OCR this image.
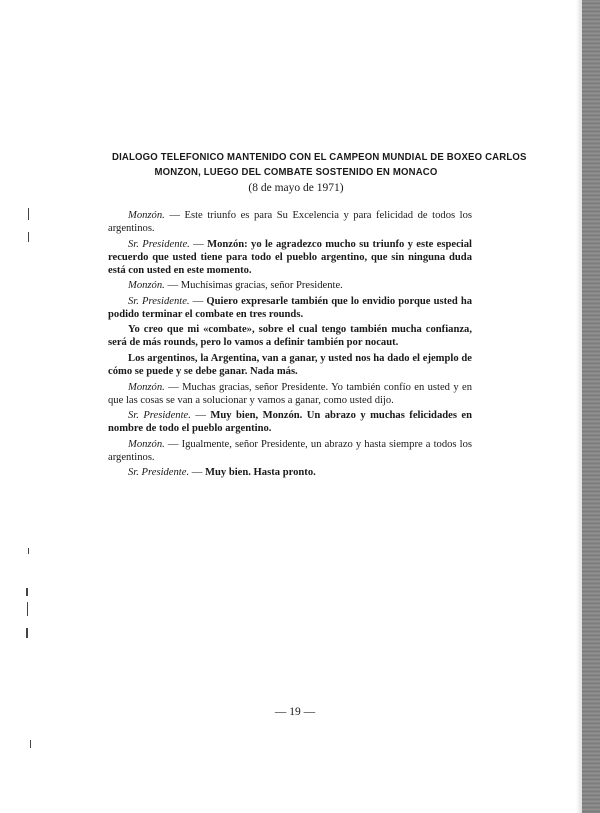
DIALOGO TELEFONICO MANTENIDO CON EL CAMPEON MUNDIAL DE BOXEO CARLOS
MONZON, LUEGO DEL COMBATE SOSTENIDO EN MONACO
(8 de mayo de 1971)

Monzón. — Este triunfo es para Su Excelencia y para felicidad de todos los argentinos.

Sr. Presidente. — Monzón: yo le agradezco mucho su triunfo y este especial recuerdo que usted tiene para todo el pueblo argentino, que sin ninguna duda está con usted en este momento.

Monzón. — Muchísimas gracias, señor Presidente.

Sr. Presidente. — Quiero expresarle también que lo envidio porque usted ha podido terminar el combate en tres rounds.

Yo creo que mi «combate», sobre el cual tengo también mucha confianza, será de más rounds, pero lo vamos a definir también por nocaut.

Los argentinos, la Argentina, van a ganar, y usted nos ha dado el ejemplo de cómo se puede y se debe ganar. Nada más.

Monzón. — Muchas gracias, señor Presidente. Yo también confío en usted y en que las cosas se van a solucionar y vamos a ganar, como usted dijo.

Sr. Presidente. — Muy bien, Monzón. Un abrazo y muchas felicidades en nombre de todo el pueblo argentino.

Monzón. — Igualmente, señor Presidente, un abrazo y hasta siempre a todos los argentinos.

Sr. Presidente. — Muy bien. Hasta pronto.

— 19 —
